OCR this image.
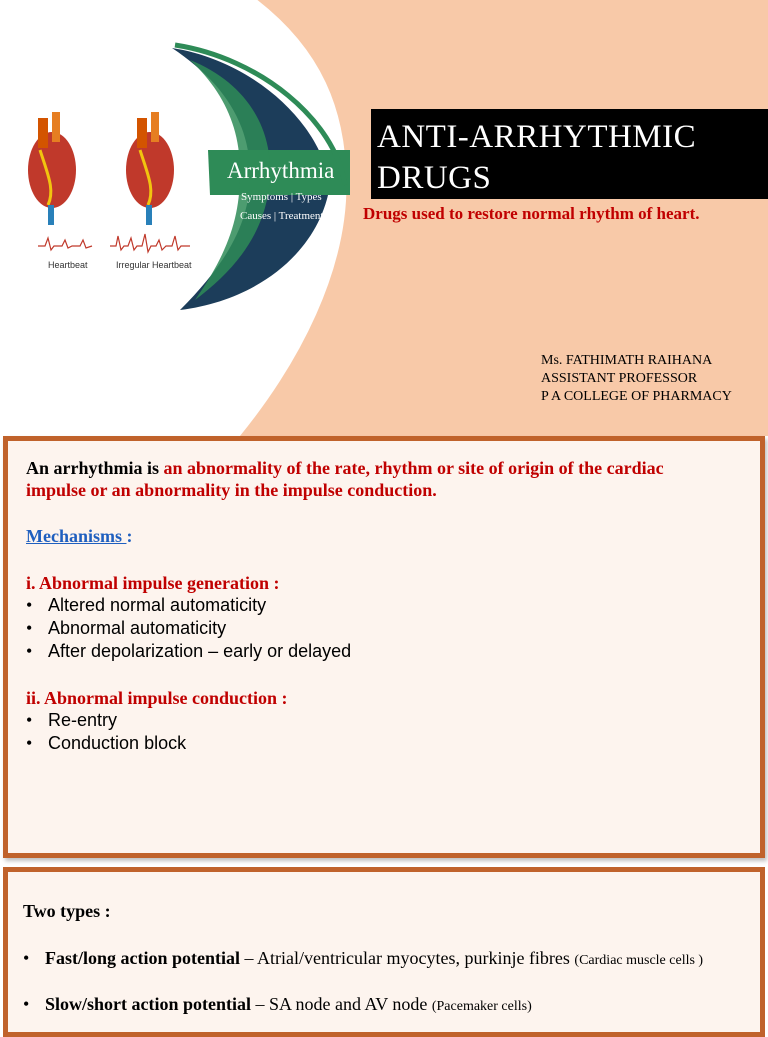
Heartbeat	Irregular Heartbeat
Arrhythmia
Symptoms | Types
Causes | Treatment
ANTI-ARRHYTHMIC
DRUGS
Drugs used to restore normal rhythm of heart.
Ms. FATHIMATH RAIHANA
ASSISTANT PROFESSOR
P A COLLEGE OF PHARMACY
An arrhythmia is an abnormality of the rate, rhythm or site of origin of the cardiac
impulse or an abnormality in the impulse conduction.
Mechanisms :
i. Abnormal impulse generation :
• Altered normal automaticity
• Abnormal automaticity
• After depolarization – early or delayed
ii. Abnormal impulse conduction :
• Re-entry
• Conduction block
Two types :
• Fast/long action potential – Atrial/ventricular myocytes, purkinje fibres (Cardiac muscle cells )
• Slow/short action potential – SA node and AV node (Pacemaker cells)
